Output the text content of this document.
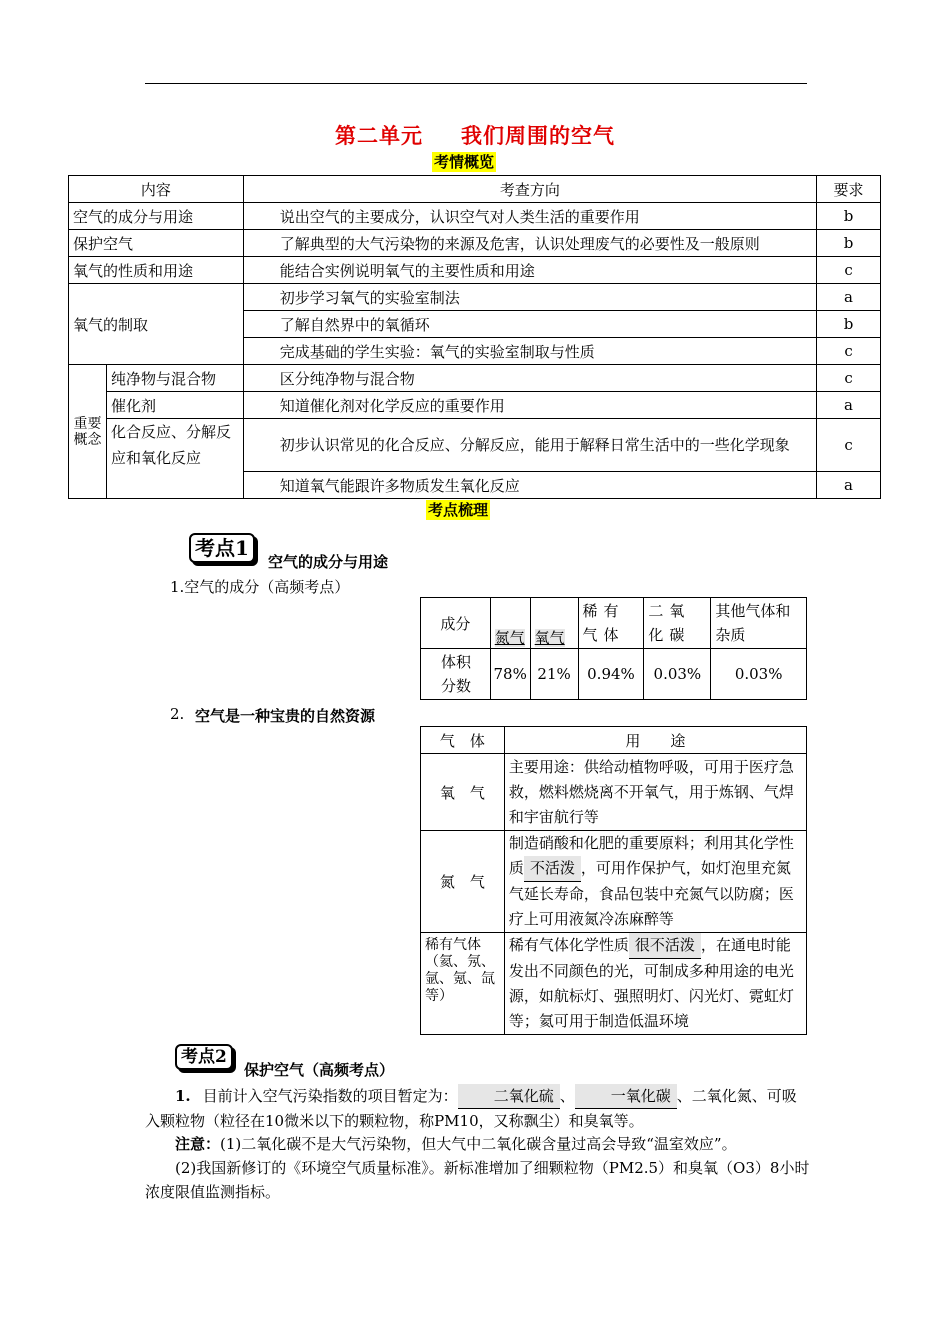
第二单元 我们周围的空气
考情概览
内容		考查方向	要求
空气的成分与用途		说出空气的主要成分，认识空气对人类生活的重要作用	b
保护空气		了解典型的大气污染物的来源及危害，认识处理废气的必要性及一般原则	b
氧气的性质和用途		能结合实例说明氧气的主要性质和用途	c
氧气的制取		初步学习氧气的实验室制法	a
		了解自然界中的氧循环	b
		完成基础的学生实验：氧气的实验室制取与性质	c
重要概念	纯净物与混合物	区分纯净物与混合物	c
	催化剂	知道催化剂对化学反应的重要作用	a
	化合反应、分解反应和氧化反应	初步认识常见的化合反应、分解反应，能用于解释日常生活中的一些化学现象	c
		知道氧气能跟许多物质发生氧化反应	a
考点梳理
考点1
空气的成分与用途
1.空气的成分（高频考点）
成分	氮气	氧气	稀有气体	二氧化碳	其他气体和杂质
体积分数	78%	21%	0.94%	0.03%	0.03%
2. 空气是一种宝贵的自然资源
气　体	用　　途
氧　气	主要用途：供给动植物呼吸，可用于医疗急救，燃料燃烧离不开氧气，用于炼钢、气焊和宇宙航行等
氮　气	制造硝酸和化肥的重要原料；利用其化学性质 不活泼 ，可用作保护气，如灯泡里充氮气延长寿命，食品包装中充氮气以防腐；医疗上可用液氮冷冻麻醉等
稀有气体（氦、氖、氩、氪、氙等）	稀有气体化学性质 很不活泼 ，在通电时能发出不同颜色的光，可制成多种用途的电光源，如航标灯、强照明灯、闪光灯、霓虹灯等；氦可用于制造低温环境
考点2
保护空气（高频考点）
1. 目前计入空气污染指数的项目暂定为： 二氧化硫 、 一氧化碳 、二氧化氮、可吸入颗粒物（粒径在10微米以下的颗粒物，称PM10，又称飘尘）和臭氧等。
注意：(1)二氧化碳不是大气污染物，但大气中二氧化碳含量过高会导致“温室效应”。
(2)我国新修订的《环境空气质量标准》。新标准增加了细颗粒物（PM2.5）和臭氧（O3）8小时浓度限值监测指标。
